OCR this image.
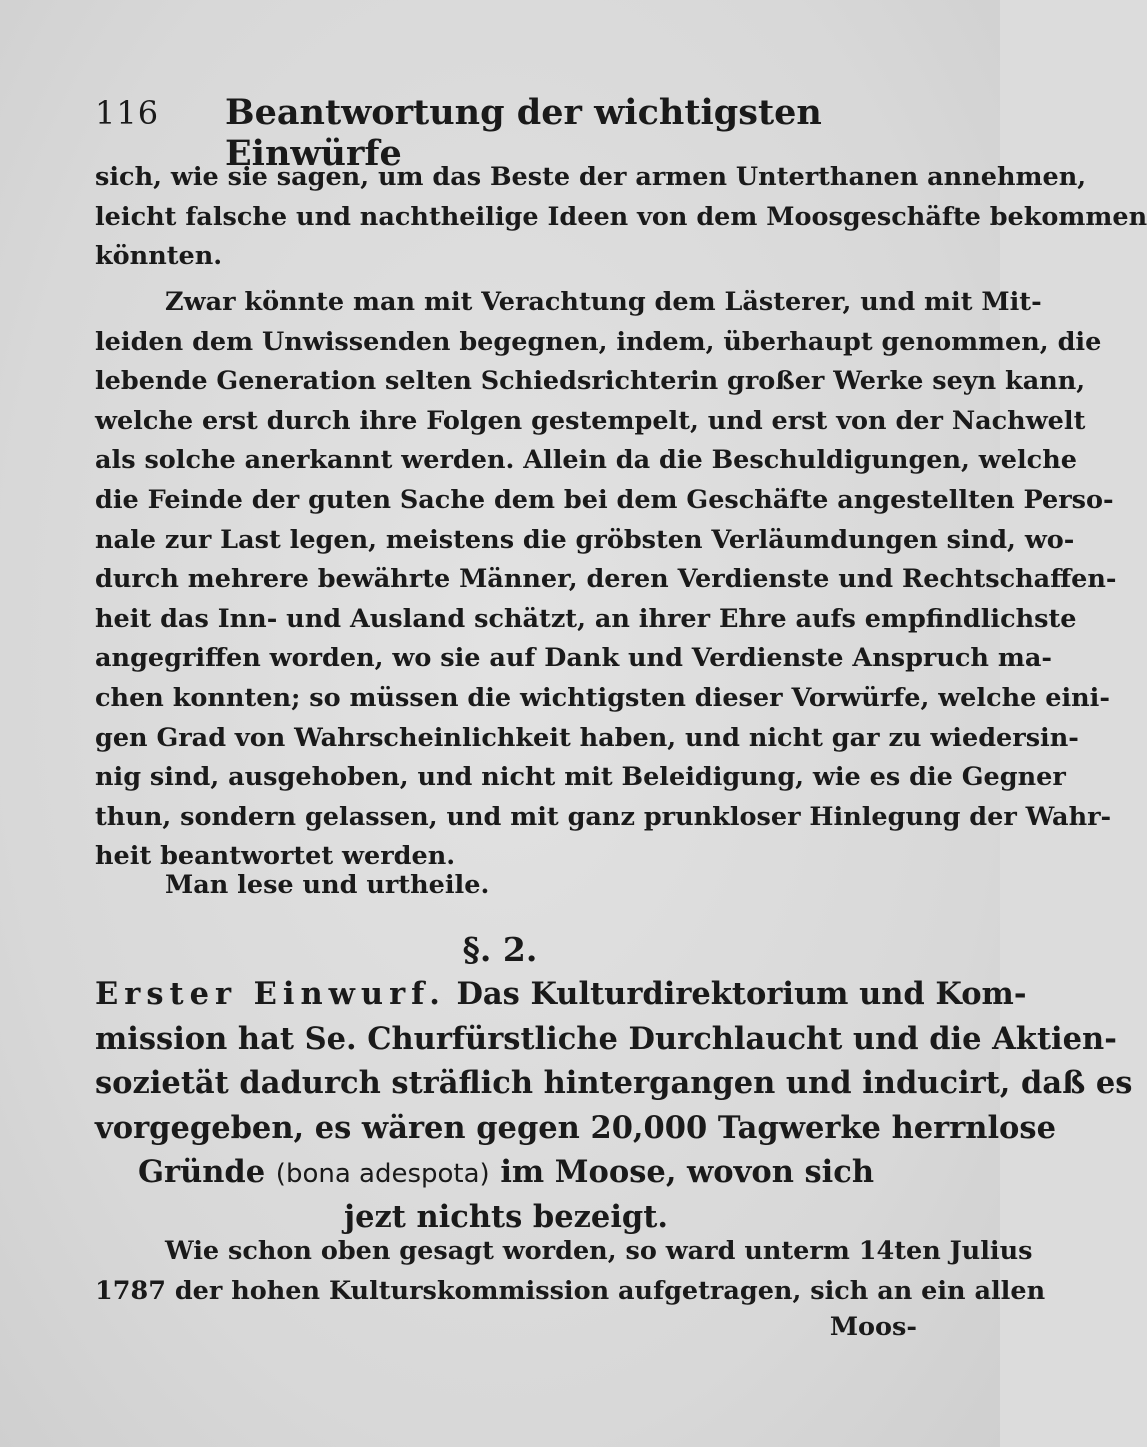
116 Beantwortung der wichtigsten Einwürfe
sich, wie sie sagen, um das Beste der armen Unterthanen annehmen,
leicht falsche und nachtheilige Ideen von dem Moosgeschäfte bekommen
könnten.
Zwar könnte man mit Verachtung dem Lästerer, und mit Mit-
leiden dem Unwissenden begegnen, indem, überhaupt genommen, die
lebende Generation selten Schiedsrichterin großer Werke seyn kann,
welche erst durch ihre Folgen gestempelt, und erst von der Nachwelt
als solche anerkannt werden. Allein da die Beschuldigungen, welche
die Feinde der guten Sache dem bei dem Geschäfte angestellten Perso-
nale zur Last legen, meistens die gröbsten Verläumdungen sind, wo-
durch mehrere bewährte Männer, deren Verdienste und Rechtschaffen-
heit das Inn- und Ausland schätzt, an ihrer Ehre aufs empfindlichste
angegriffen worden, wo sie auf Dank und Verdienste Anspruch ma-
chen konnten; so müssen die wichtigsten dieser Vorwürfe, welche eini-
gen Grad von Wahrscheinlichkeit haben, und nicht gar zu wiedersin-
nig sind, ausgehoben, und nicht mit Beleidigung, wie es die Gegner
thun, sondern gelassen, und mit ganz prunkloser Hinlegung der Wahr-
heit beantwortet werden.
Man lese und urtheile.
§. 2.
Erster Einwurf. Das Kulturdirektorium und Kom-
mission hat Se. Churfürstliche Durchlaucht und die Aktien-
sozietät dadurch sträflich hintergangen und inducirt, daß es
vorgegeben, es wären gegen 20,000 Tagwerke herrnlose
Gründe (bona adespota) im Moose, wovon sich
jezt nichts bezeigt.
Wie schon oben gesagt worden, so ward unterm 14ten Julius
1787 der hohen Kulturskommission aufgetragen, sich an ein allen
Moos-
